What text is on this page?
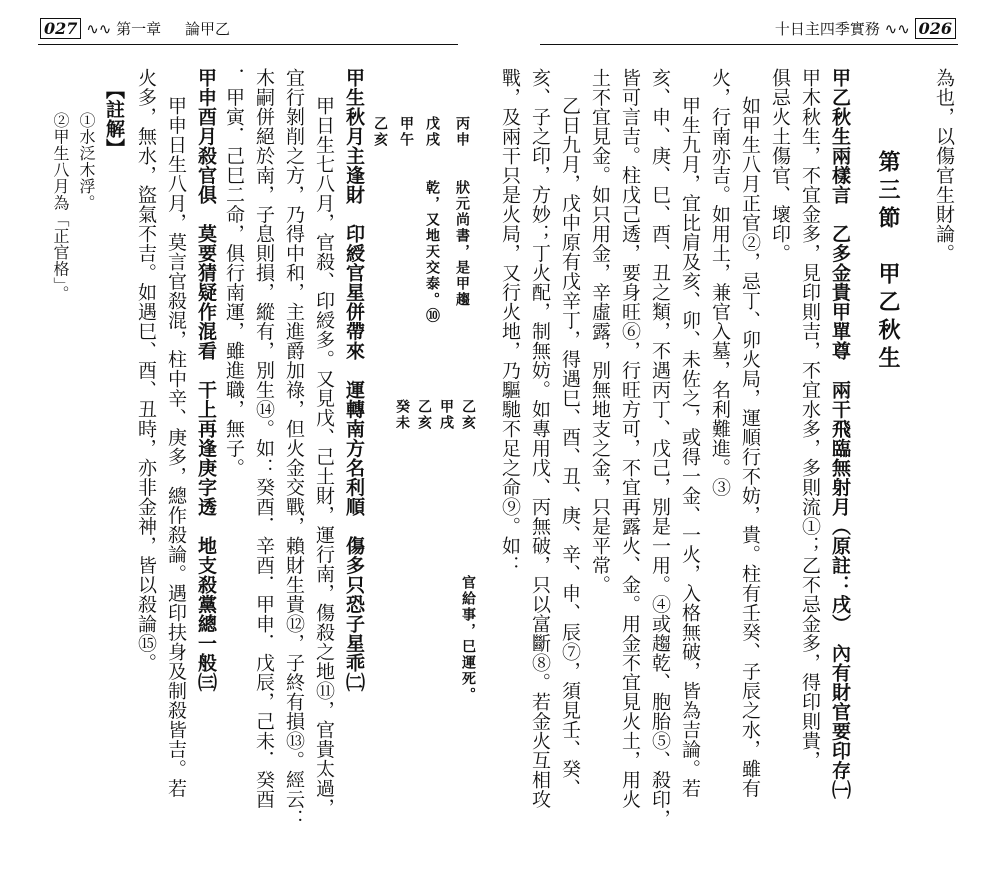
027 ∿∿ 第一章 論甲乙	十日主四季實務 ∿∿ 026
為也，以傷官生財論。
第三節　甲乙秋生
甲乙秋生兩樣言　乙多金貴甲單尊　兩干飛臨無射月（原註：戌）　內有財官要印存㈠
甲木秋生，不宜金多，見印則吉，不宜水多，多則流①；乙不忌金多，得印則貴，
俱忌火土傷官、壞印。
如甲生八月正官②，忌丁、卯火局，運順行不妨，貴。柱有壬癸、子辰之水，雖有
火，行南亦吉。如用土，兼官入墓，名利難進。③
甲生九月，宜比肩及亥、卯、未佐之，或得一金、一火，入格無破，皆為吉論。若
亥、申、庚、巳、酉、丑之類，不遇丙丁、戊己，別是一用。④或趨乾、胞胎⑤、殺印，
皆可言吉。柱戊己透，要身旺⑥，行旺方可，不宜再露火、金。用金不宜見火土，用火
土不宜見金。如只用金，辛虛露，別無地支之金，只是平常。
乙日九月，戊中原有戊辛丁，得遇巳、酉、丑、庚、辛、申、辰⑦，須見壬、癸、
亥、子之印，方妙；丁火配，制無妨。如專用戊、丙無破，只以富斷⑧。若金火互相攻
戰，及兩干只是火局，又行火地，乃驅馳不足之命⑨。如：
　　　　乙亥　　　　　　　　　官給事，巳運死。
　　　　甲戌
　　　　乙亥
　　　　癸未
　丙申　　狀元尚書，是甲趨
　戊戌　　乾，又地天交泰。⑩
　甲午
　乙亥
甲生秋月主逢財　印綬官星併帶來　運轉南方名利順　傷多只恐子星乖㈡
甲日生七八月，官殺、印綬多。又見戊、己土財，運行南，傷殺之地⑪，官貴太過，
宜行剝削之方，乃得中和，主進爵加祿，但火金交戰，賴財生貴⑫，子終有損⑬。經云：
木嗣併絕於南，子息則損，縱有，別生⑭。如：癸酉．辛酉．甲申．戊辰，己未．癸酉
．甲寅．己巳二命，俱行南運，雖進職，無子。
甲申酉月殺官俱　莫要猜疑作混看　干上再逢庚字透　地支殺黨總一般㈢
甲申日生八月，莫言官殺混，柱中辛、庚多，總作殺論。遇印扶身及制殺皆吉。若
火多，無水，盜氣不吉。如遇巳、酉、丑時，亦非金神，皆以殺論⑮。
【註解】
①水泛木浮。
②甲生八月為「正官格」。
